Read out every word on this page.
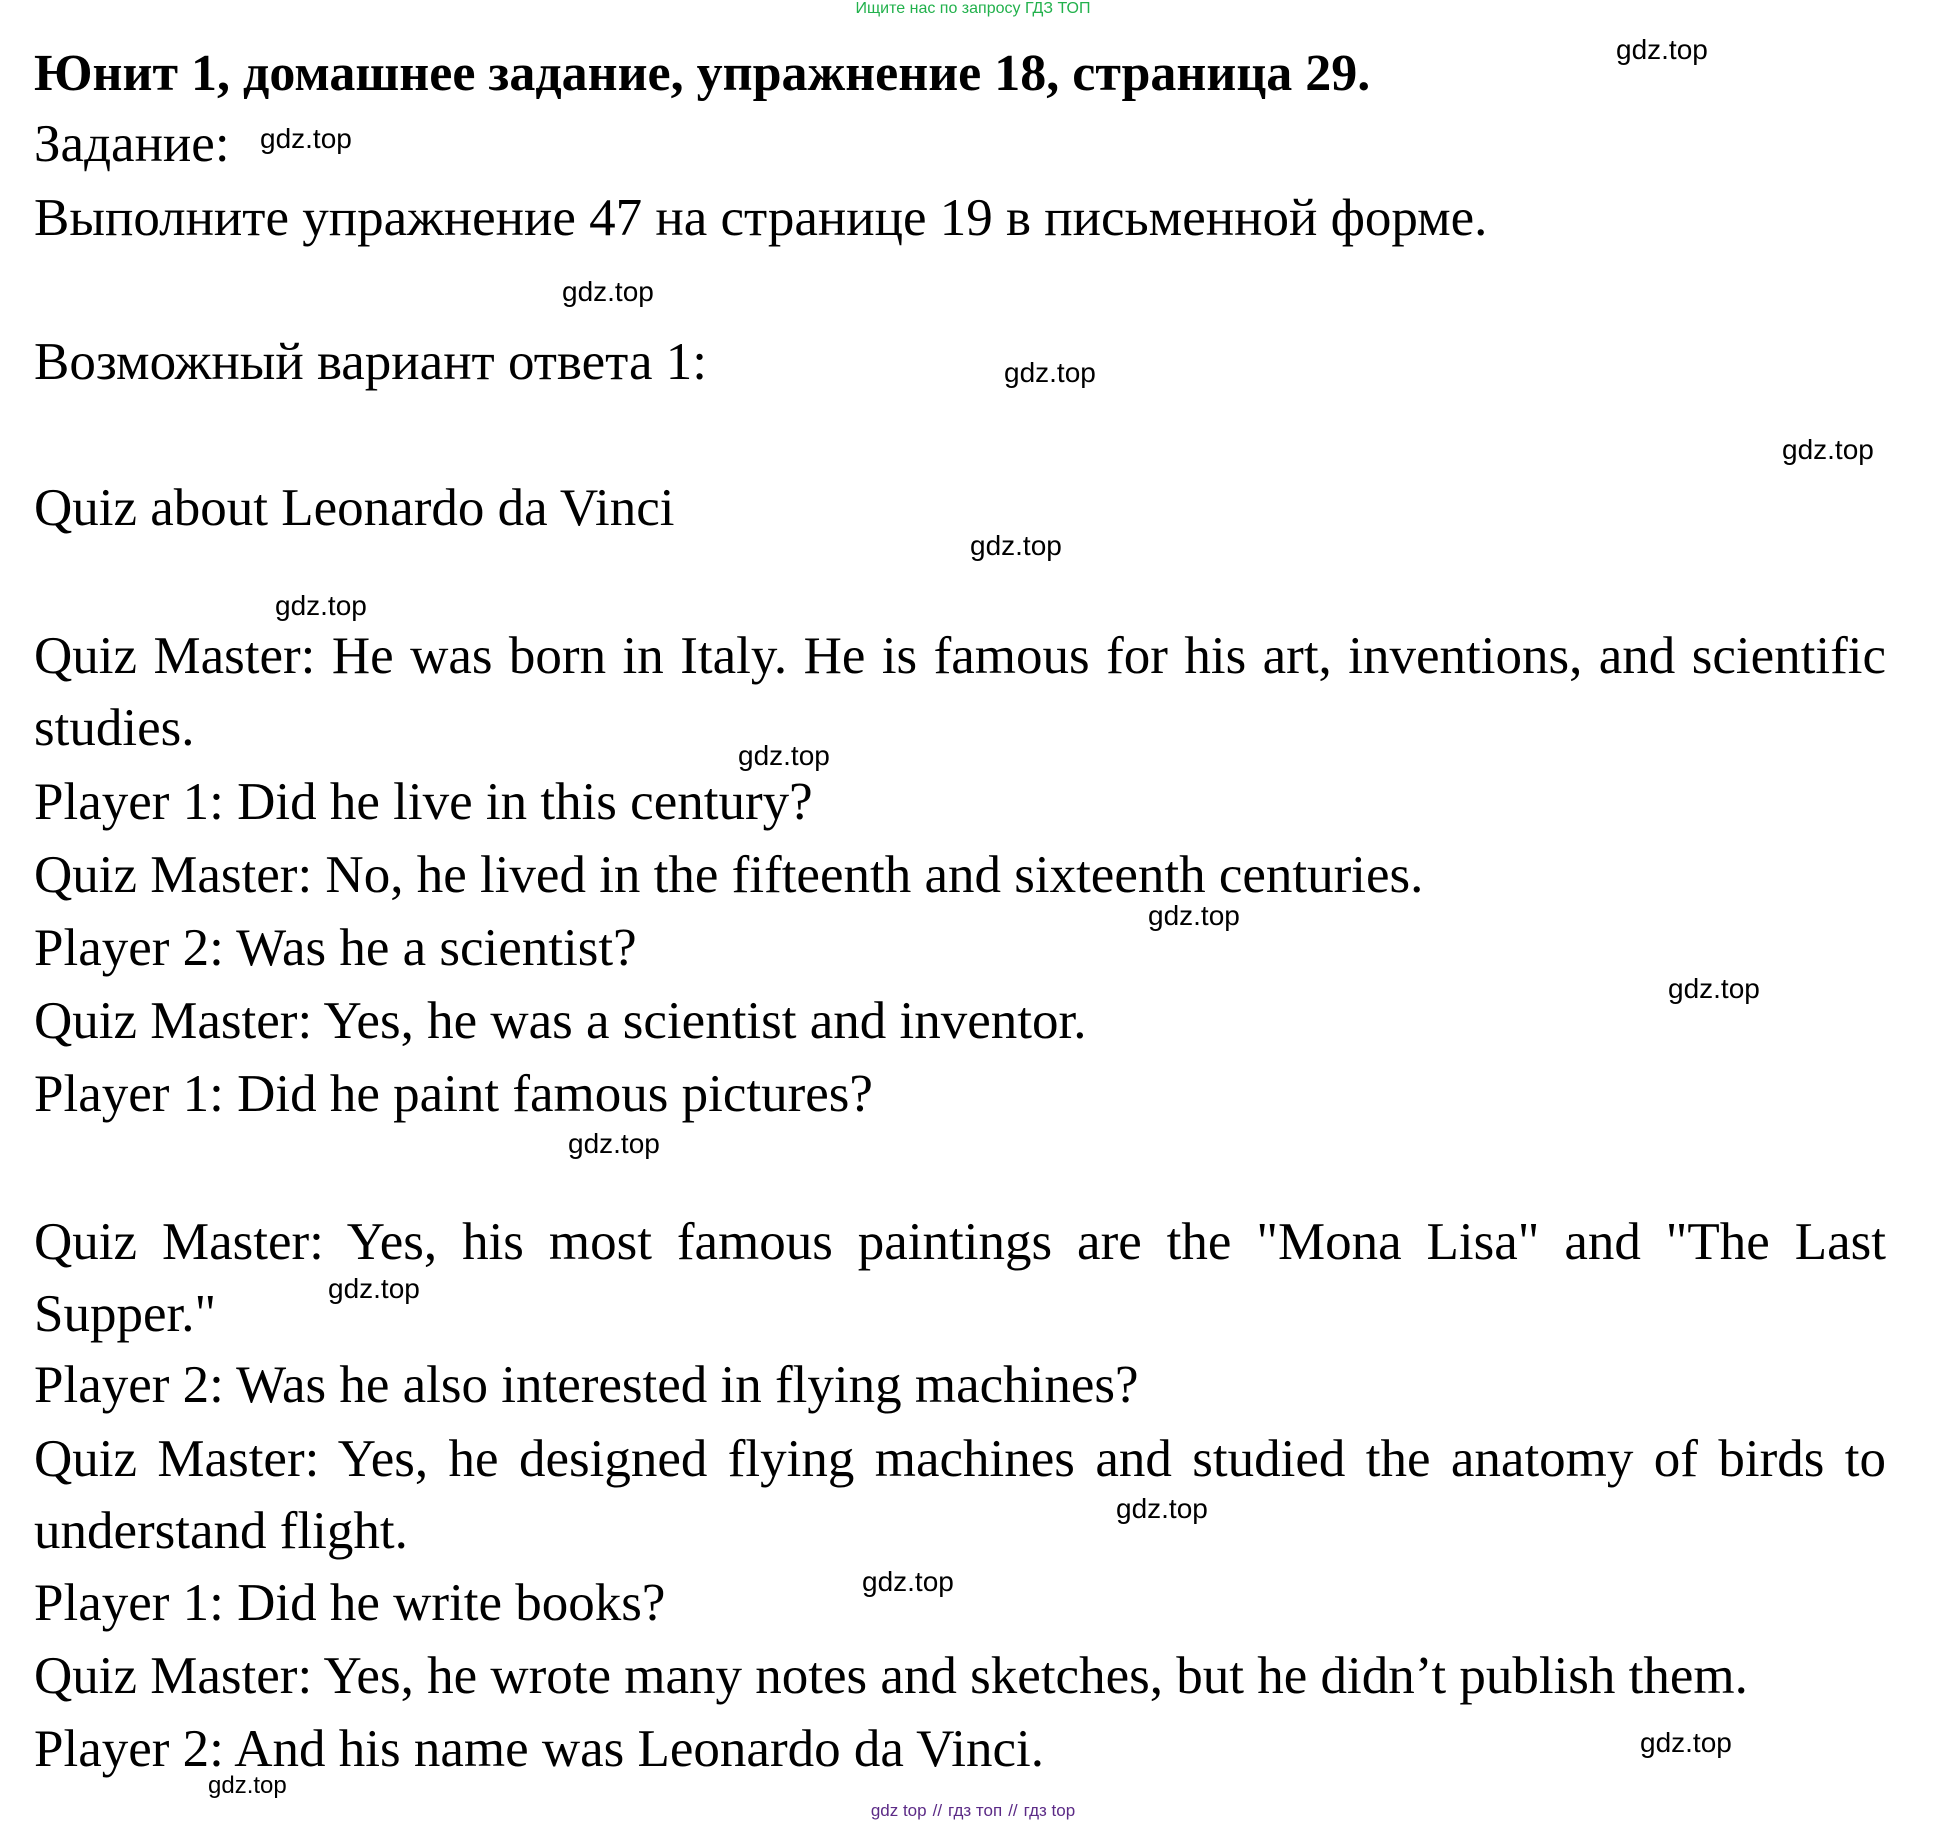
Ищите нас по запросу ГДЗ ТОП
Юнит 1, домашнее задание, упражнение 18, страница 29.
Задание:
Выполните упражнение 47 на странице 19 в письменной форме.
Возможный вариант ответа 1:
Quiz about Leonardo da Vinci
Quiz Master: He was born in Italy. He is famous for his art, inventions, and scientific studies.
Player 1: Did he live in this century?
Quiz Master: No, he lived in the fifteenth and sixteenth centuries.
Player 2: Was he a scientist?
Quiz Master: Yes, he was a scientist and inventor.
Player 1: Did he paint famous pictures?
Quiz Master: Yes, his most famous paintings are the "Mona Lisa" and "The Last Supper."
Player 2: Was he also interested in flying machines?
Quiz Master: Yes, he designed flying machines and studied the anatomy of birds to understand flight.
Player 1: Did he write books?
Quiz Master: Yes, he wrote many notes and sketches, but he didn’t publish them.
Player 2: And his name was Leonardo da Vinci.
gdz.top
gdz.top
gdz.top
gdz.top
gdz.top
gdz.top
gdz.top
gdz.top
gdz.top
gdz.top
gdz.top
gdz.top
gdz.top
gdz.top
gdz.top
gdz.top
gdz top // гдз топ // гдз top
